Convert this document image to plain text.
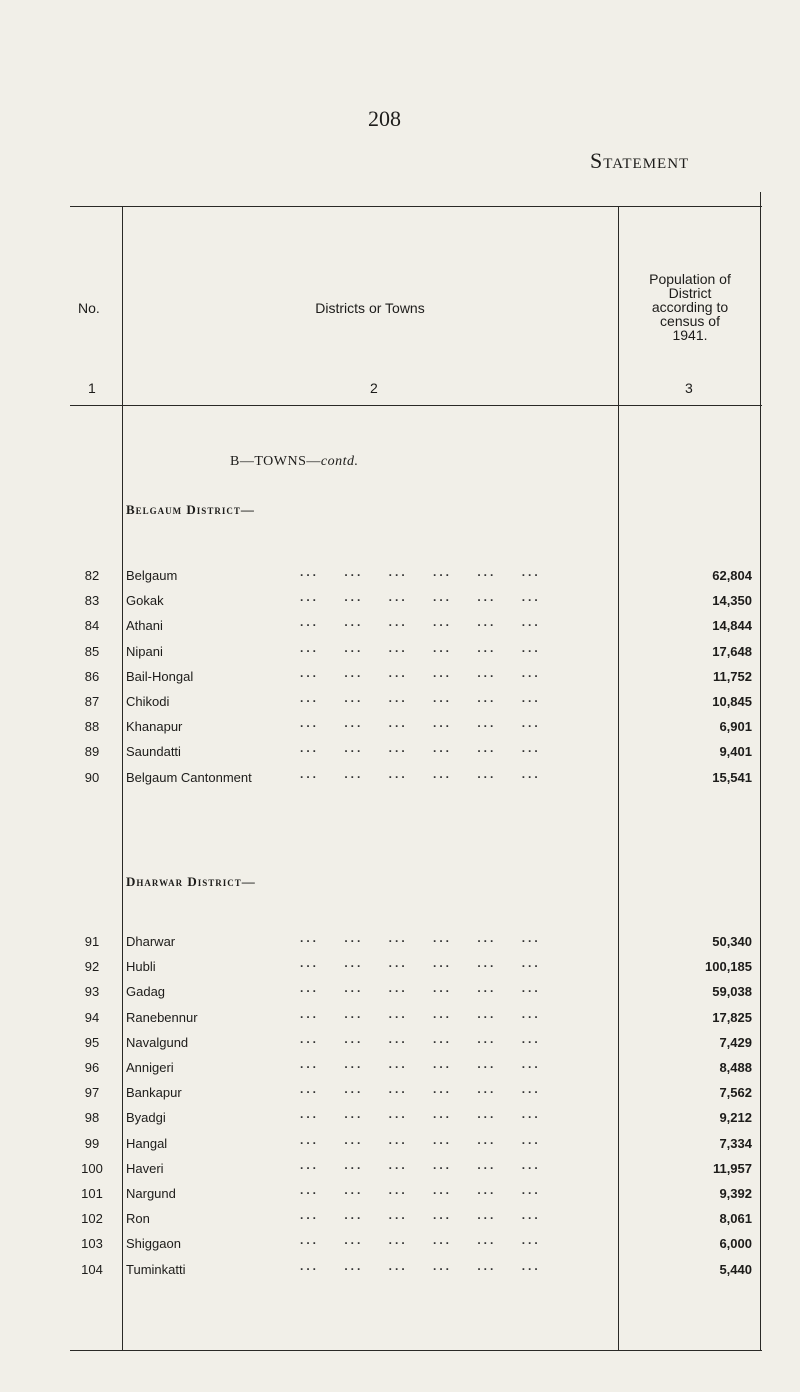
208
Statement
No.	Districts or Towns
Population of
District
according to
census of
1941.
1	2	3
B—TOWNS—contd.
Belgaum District—
82	Belgaum	...    ...    ...    ...    ...    ...	62,804
83	Gokak	...    ...    ...    ...    ...    ...	14,350
84	Athani	...    ...    ...    ...    ...    ...	14,844
85	Nipani	...    ...    ...    ...    ...    ...	17,648
86	Bail-Hongal	...    ...    ...    ...    ...    ...	11,752
87	Chikodi	...    ...    ...    ...    ...    ...	10,845
88	Khanapur	...    ...    ...    ...    ...    ...	6,901
89	Saundatti	...    ...    ...    ...    ...    ...	9,401
90	Belgaum Cantonment	...    ...    ...    ...    ...    ...	15,541
Dharwar District—
91	Dharwar	...    ...    ...    ...    ...    ...	50,340
92	Hubli	...    ...    ...    ...    ...    ...	100,185
93	Gadag	...    ...    ...    ...    ...    ...	59,038
94	Ranebennur	...    ...    ...    ...    ...    ...	17,825
95	Navalgund	...    ...    ...    ...    ...    ...	7,429
96	Annigeri	...    ...    ...    ...    ...    ...	8,488
97	Bankapur	...    ...    ...    ...    ...    ...	7,562
98	Byadgi	...    ...    ...    ...    ...    ...	9,212
99	Hangal	...    ...    ...    ...    ...    ...	7,334
100	Haveri	...    ...    ...    ...    ...    ...	11,957
101	Nargund	...    ...    ...    ...    ...    ...	9,392
102	Ron	...    ...    ...    ...    ...    ...	8,061
103	Shiggaon	...    ...    ...    ...    ...    ...	6,000
104	Tuminkatti	...    ...    ...    ...    ...    ...	5,440
